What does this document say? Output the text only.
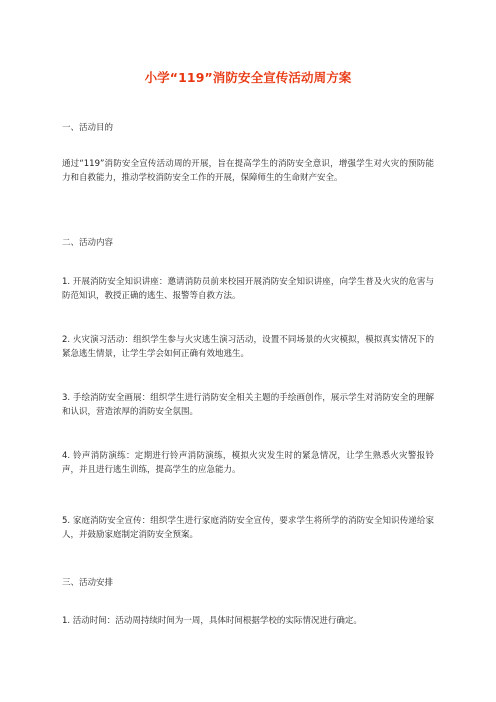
小学“119”消防安全宣传活动周方案
一、活动目的
通过“119”消防安全宣传活动周的开展，旨在提高学生的消防安全意识，增强学生对火灾的预防能力和自救能力，推动学校消防安全工作的开展，保障师生的生命财产安全。
二、活动内容
1. 开展消防安全知识讲座：邀请消防员前来校园开展消防安全知识讲座，向学生普及火灾的危害与防范知识，教授正确的逃生、报警等自救方法。
2. 火灾演习活动：组织学生参与火灾逃生演习活动，设置不同场景的火灾模拟，模拟真实情况下的紧急逃生情景，让学生学会如何正确有效地逃生。
3. 手绘消防安全画展：组织学生进行消防安全相关主题的手绘画创作，展示学生对消防安全的理解和认识，营造浓厚的消防安全氛围。
4. 铃声消防演练：定期进行铃声消防演练，模拟火灾发生时的紧急情况，让学生熟悉火灾警报铃声，并且进行逃生训练，提高学生的应急能力。
5. 家庭消防安全宣传：组织学生进行家庭消防安全宣传，要求学生将所学的消防安全知识传递给家人，并鼓励家庭制定消防安全预案。
三、活动安排
1. 活动时间：活动周持续时间为一周，具体时间根据学校的实际情况进行确定。
